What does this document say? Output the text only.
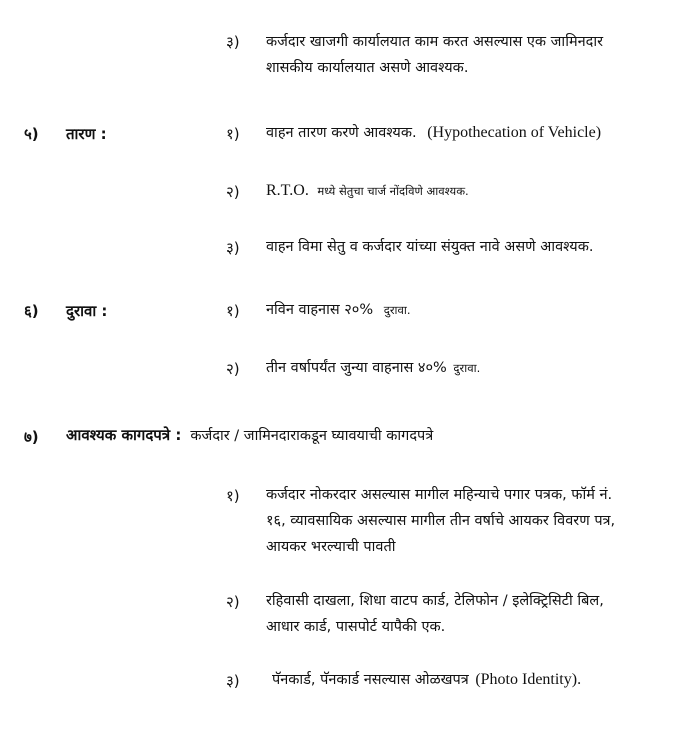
३) कर्जदार खाजगी कार्यालयात काम करत असल्यास एक जामिनदार
शासकीय कार्यालयात असणे आवश्यक.
५) तारण :	१) वाहन तारण करणे आवश्यक. (Hypothecation of Vehicle)
२) R.T.O. मध्ये सेतुचा चार्ज नोंदविणे आवश्यक.
३) वाहन विमा सेतु व कर्जदार यांच्या संयुक्त नावे असणे आवश्यक.
६) दुरावा :	१) नविन वाहनास २०% दुरावा.
२) तीन वर्षापर्यंत जुन्या वाहनास ४०% दुरावा.
७) आवश्यक कागदपत्रे : कर्जदार / जामिनदाराकडून घ्यावयाची कागदपत्रे
१) कर्जदार नोकरदार असल्यास मागील महिन्याचे पगार पत्रक, फॉर्म नं.
१६, व्यावसायिक असल्यास मागील तीन वर्षाचे आयकर विवरण पत्र,
आयकर भरल्याची पावती
२) रहिवासी दाखला, शिधा वाटप कार्ड, टेलिफोन / इलेक्ट्रिसिटी बिल,
आधार कार्ड, पासपोर्ट यापैकी एक.
३) पॅनकार्ड, पॅनकार्ड नसल्यास ओळखपत्र (Photo Identity).
